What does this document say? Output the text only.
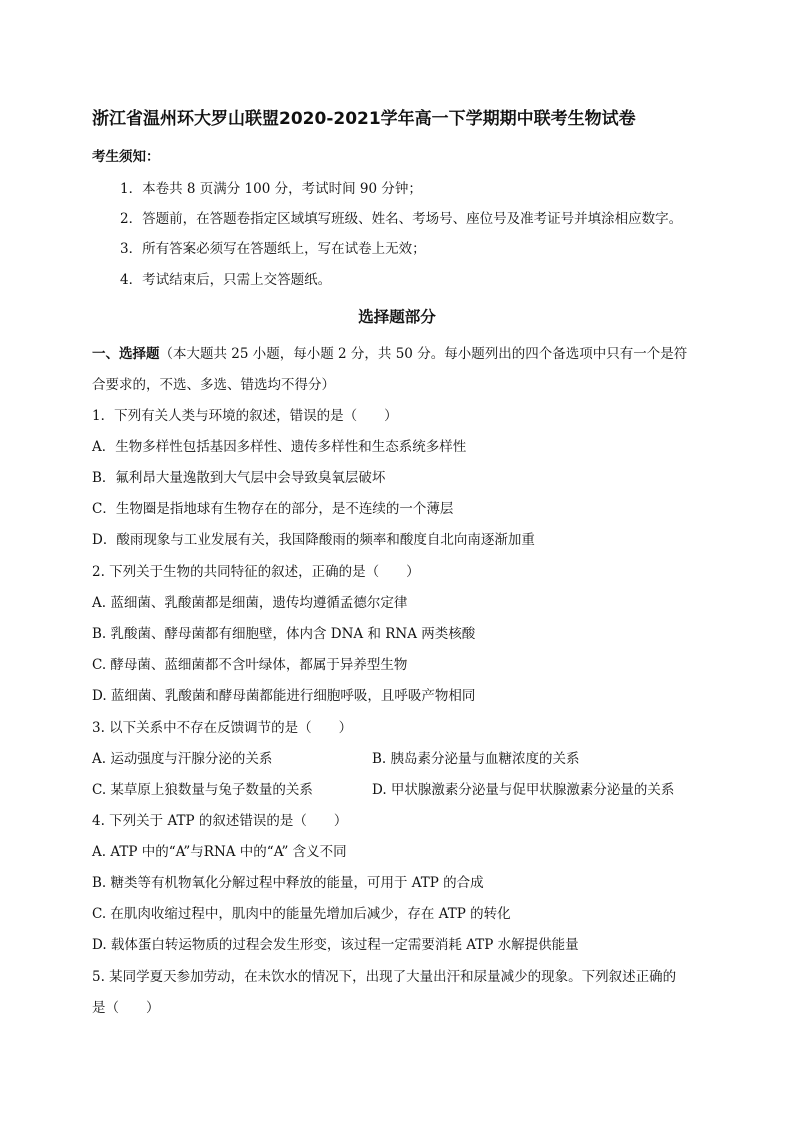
浙江省温州环大罗山联盟2020-2021学年高一下学期期中联考生物试卷
考生须知：
1．本卷共 8 页满分 100 分，考试时间 90 分钟；
2．答题前，在答题卷指定区域填写班级、姓名、考场号、座位号及准考证号并填涂相应数字。
3．所有答案必须写在答题纸上，写在试卷上无效；
4．考试结束后，只需上交答题纸。
选择题部分
一、选择题（本大题共 25 小题，每小题 2 分，共 50 分。每小题列出的四个备选项中只有一个是符
合要求的，不选、多选、错选均不得分）
1．下列有关人类与环境的叙述，错误的是（　　）
A．生物多样性包括基因多样性、遗传多样性和生态系统多样性
B．氟利昂大量逸散到大气层中会导致臭氧层破坏
C．生物圈是指地球有生物存在的部分，是不连续的一个薄层
D．酸雨现象与工业发展有关，我国降酸雨的频率和酸度自北向南逐渐加重
2. 下列关于生物的共同特征的叙述，正确的是（　　）
A. 蓝细菌、乳酸菌都是细菌，遗传均遵循孟德尔定律
B. 乳酸菌、酵母菌都有细胞壁，体内含 DNA 和 RNA 两类核酸
C. 酵母菌、蓝细菌都不含叶绿体，都属于异养型生物
D. 蓝细菌、乳酸菌和酵母菌都能进行细胞呼吸，且呼吸产物相同
3. 以下关系中不存在反馈调节的是（　　）
A. 运动强度与汗腺分泌的关系	B. 胰岛素分泌量与血糖浓度的关系
C. 某草原上狼数量与兔子数量的关系	D. 甲状腺激素分泌量与促甲状腺激素分泌量的关系
4. 下列关于 ATP 的叙述错误的是（　　）
A. ATP 中的“A”与RNA 中的“A” 含义不同
B. 糖类等有机物氧化分解过程中释放的能量，可用于 ATP 的合成
C. 在肌肉收缩过程中，肌肉中的能量先增加后减少，存在 ATP 的转化
D. 载体蛋白转运物质的过程会发生形变，该过程一定需要消耗 ATP 水解提供能量
5. 某同学夏天参加劳动，在未饮水的情况下，出现了大量出汗和尿量减少的现象。下列叙述正确的
是（　　）
